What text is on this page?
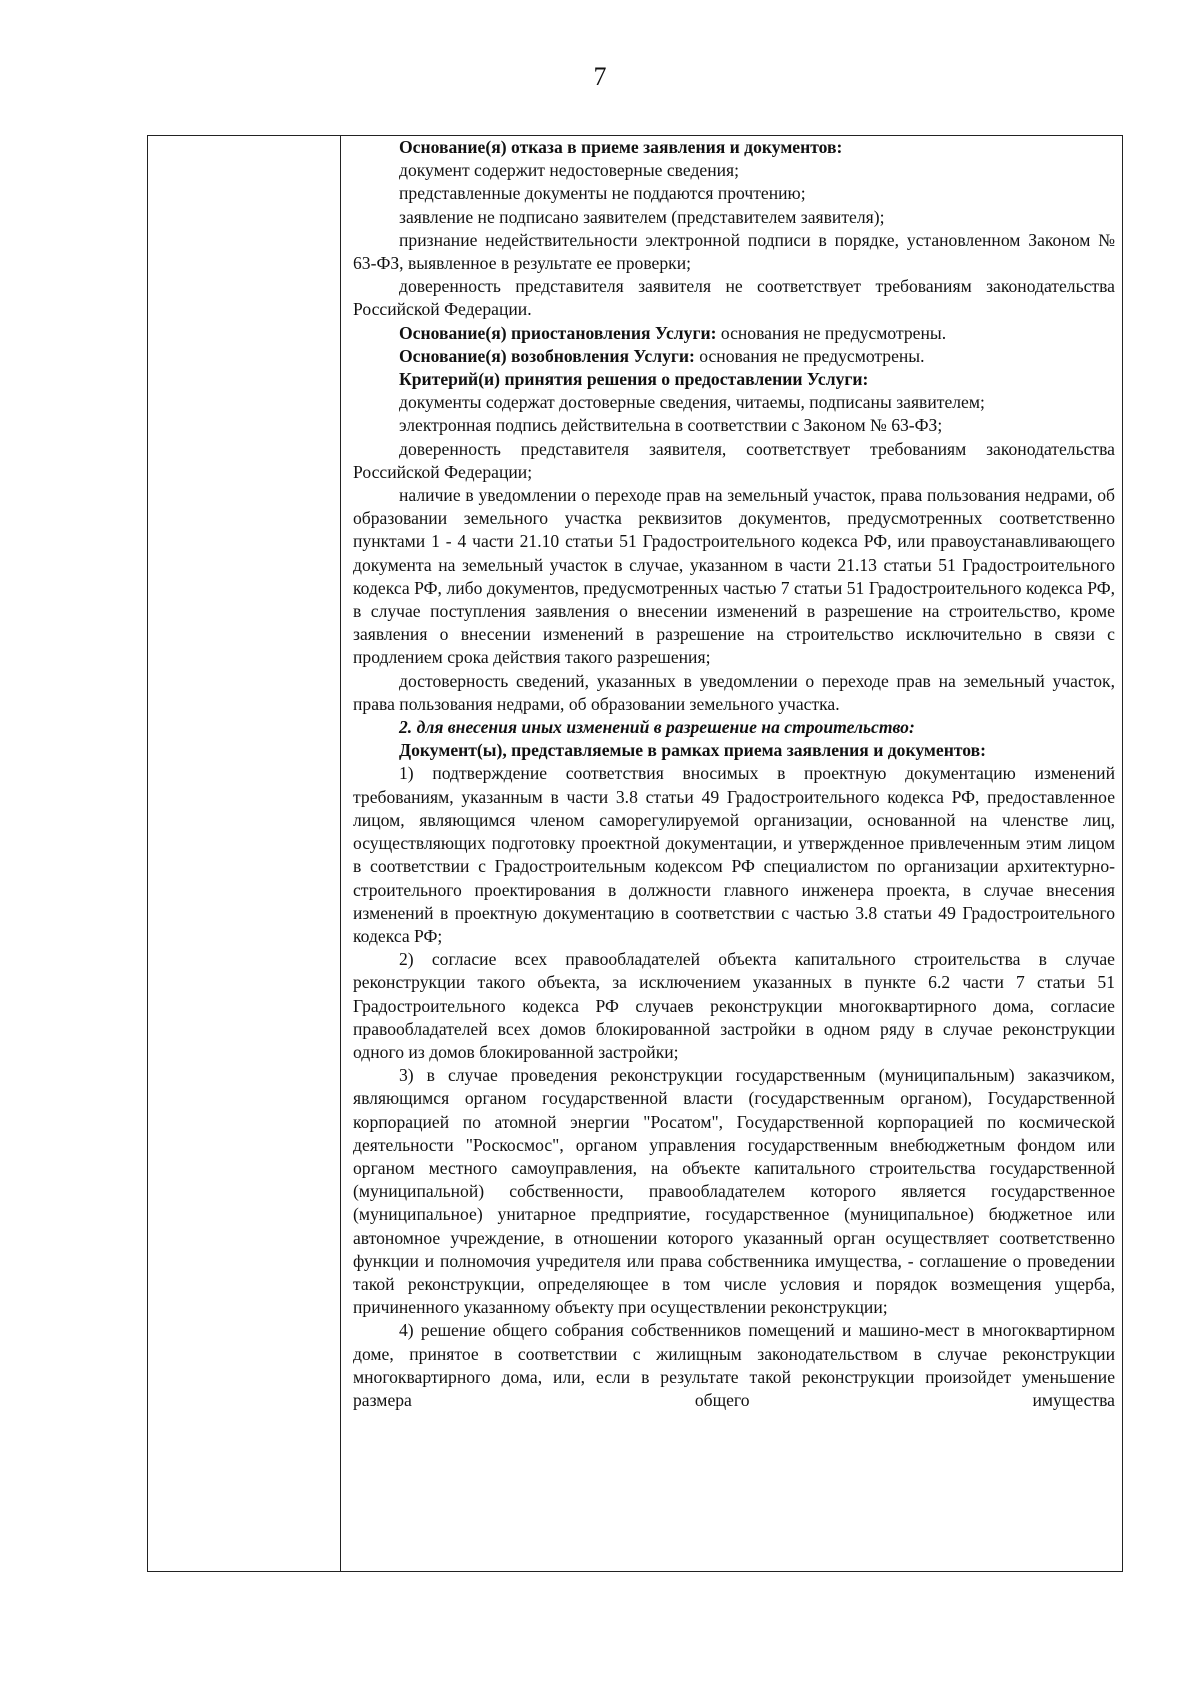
7

Основание(я) отказа в приеме заявления и документов:

документ содержит недостоверные сведения;

представленные документы не поддаются прочтению;

заявление не подписано заявителем (представителем заявителя);

признание недействительности электронной подписи в порядке, установленном Законом № 63-ФЗ, выявленное в результате ее проверки;

доверенность представителя заявителя не соответствует требованиям законодательства Российской Федерации.

Основание(я) приостановления Услуги: основания не предусмотрены.

Основание(я) возобновления Услуги: основания не предусмотрены.

Критерий(и) принятия решения о предоставлении Услуги:

документы содержат достоверные сведения, читаемы, подписаны заявителем;

электронная подпись действительна в соответствии с Законом № 63-ФЗ;

доверенность представителя заявителя, соответствует требованиям законодательства Российской Федерации;

наличие в уведомлении о переходе прав на земельный участок, права пользования недрами, об образовании земельного участка реквизитов документов, предусмотренных соответственно пунктами 1 - 4 части 21.10 статьи 51 Градостроительного кодекса РФ, или правоустанавливающего документа на земельный участок в случае, указанном в части 21.13 статьи 51 Градостроительного кодекса РФ, либо документов, предусмотренных частью 7 статьи 51 Градостроительного кодекса РФ, в случае поступления заявления о внесении изменений в разрешение на строительство, кроме заявления о внесении изменений в разрешение на строительство исключительно в связи с продлением срока действия такого разрешения;

достоверность сведений, указанных в уведомлении о переходе прав на земельный участок, права пользования недрами, об образовании земельного участка.

2. для внесения иных изменений в разрешение на строительство:

Документ(ы), представляемые в рамках приема заявления и документов:

1) подтверждение соответствия вносимых в проектную документацию изменений требованиям, указанным в части 3.8 статьи 49 Градостроительного кодекса РФ, предоставленное лицом, являющимся членом саморегулируемой организации, основанной на членстве лиц, осуществляющих подготовку проектной документации, и утвержденное привлеченным этим лицом в соответствии с Градостроительным кодексом РФ специалистом по организации архитектурно-строительного проектирования в должности главного инженера проекта, в случае внесения изменений в проектную документацию в соответствии с частью 3.8 статьи 49 Градостроительного кодекса РФ;

2) согласие всех правообладателей объекта капитального строительства в случае реконструкции такого объекта, за исключением указанных в пункте 6.2 части 7 статьи 51 Градостроительного кодекса РФ случаев реконструкции многоквартирного дома, согласие правообладателей всех домов блокированной застройки в одном ряду в случае реконструкции одного из домов блокированной застройки;

3) в случае проведения реконструкции государственным (муниципальным) заказчиком, являющимся органом государственной власти (государственным органом), Государственной корпорацией по атомной энергии "Росатом", Государственной корпорацией по космической деятельности "Роскосмос", органом управления государственным внебюджетным фондом или органом местного самоуправления, на объекте капитального строительства государственной (муниципальной) собственности, правообладателем которого является государственное (муниципальное) унитарное предприятие, государственное (муниципальное) бюджетное или автономное учреждение, в отношении которого указанный орган осуществляет соответственно функции и полномочия учредителя или права собственника имущества, - соглашение о проведении такой реконструкции, определяющее в том числе условия и порядок возмещения ущерба, причиненного указанному объекту при осуществлении реконструкции;

4) решение общего собрания собственников помещений и машино-мест в многоквартирном доме, принятое в соответствии с жилищным законодательством в случае реконструкции многоквартирного дома, или, если в результате такой реконструкции произойдет уменьшение размера общего имущества
